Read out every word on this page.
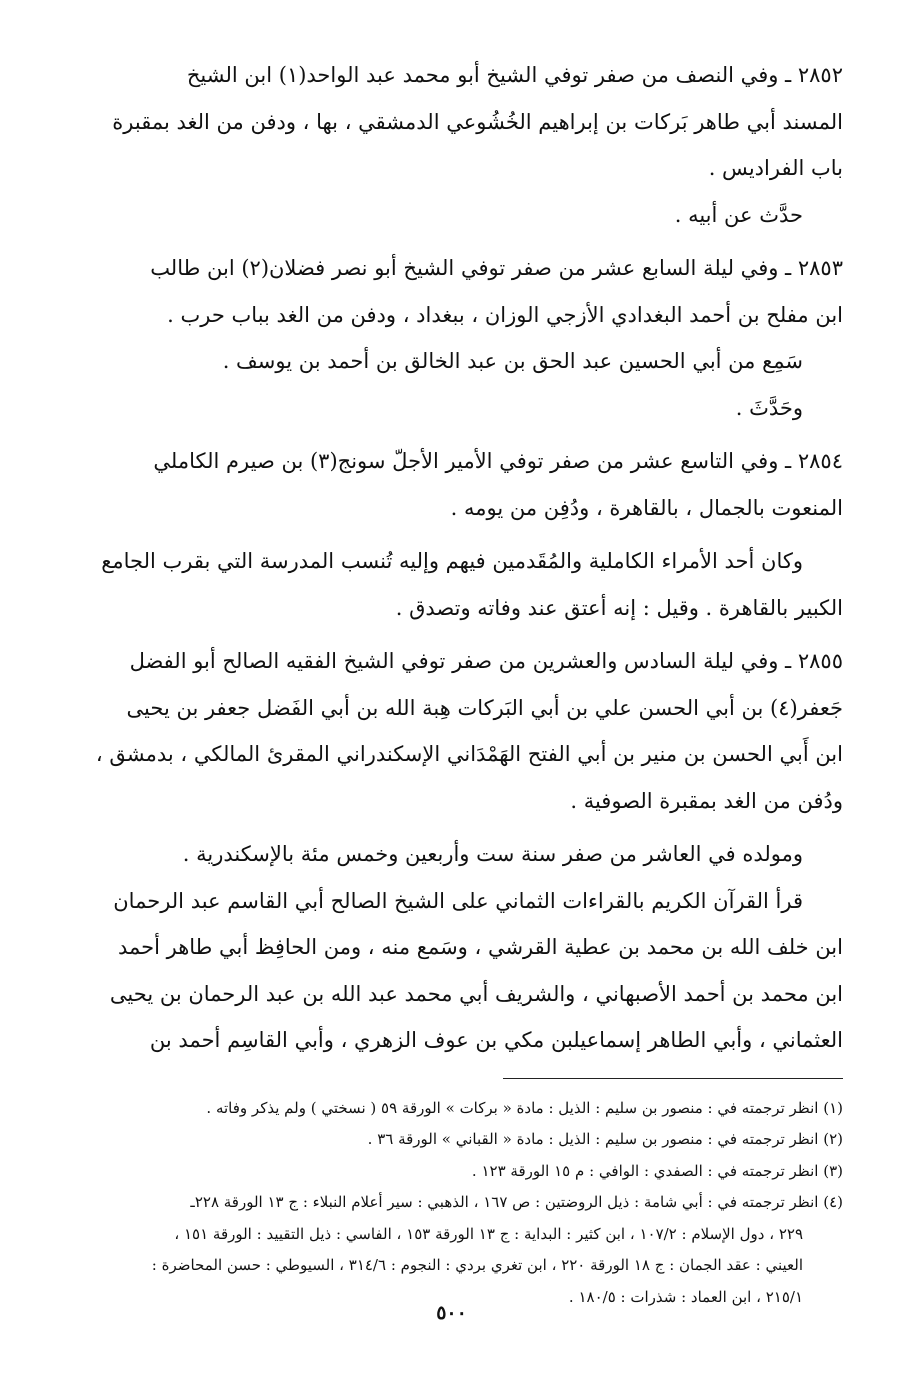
٢٨٥٢ ـ وفي النصف من صفر توفي الشيخ أبو محمد عبد الواحد(١) ابن الشيخ
المسند أبي طاهر بَركات بن إبراهيم الخُشُوعي الدمشقي ، بها ، ودفن من الغد بمقبرة
باب الفراديس .
حدَّث عن أبيه .
٢٨٥٣ ـ وفي ليلة السابع عشر من صفر توفي الشيخ أبو نصر فضلان(٢) ابن طالب
ابن مفلح بن أحمد البغدادي الأزجي الوزان ، ببغداد ، ودفن من الغد بباب حرب .
سَمِع من أبي الحسين عبد الحق بن عبد الخالق بن أحمد بن يوسف .
وحَدَّثَ .
٢٨٥٤ ـ وفي التاسع عشر من صفر توفي الأمير الأجلّ سونج(٣) بن صيرم الكاملي
المنعوت بالجمال ، بالقاهرة ، ودُفِن من يومه .
وكان أحد الأمراء الكاملية والمُقَدمين فيهم وإليه تُنسب المدرسة التي بقرب الجامع
الكبير بالقاهرة . وقيل : إنه أعتق عند وفاته وتصدق .
٢٨٥٥ ـ وفي ليلة السادس والعشرين من صفر توفي الشيخ الفقيه الصالح أبو الفضل
جَعفر(٤) بن أبي الحسن علي بن أبي البَركات هِبة الله بن أبي الفَضل جعفر بن يحيى
ابن أَبي الحسن بن منير بن أبي الفتح الهَمْدَاني الإسكندراني المقرئ المالكي ، بدمشق ،
ودُفن من الغد بمقبرة الصوفية .
ومولده في العاشر من صفر سنة ست وأربعين وخمس مئة بالإسكندرية .
قرأ القرآن الكريم بالقراءات الثماني على الشيخ الصالح أبي القاسم عبد الرحمان
ابن خلف الله بن محمد بن عطية القرشي ، وسَمع منه ، ومن الحافِظ أبي طاهر أحمد
ابن محمد بن أحمد الأصبهاني ، والشريف أبي محمد عبد الله بن عبد الرحمان بن يحيى
العثماني ، وأبي الطاهر إسماعيلبن مكي بن عوف الزهري ، وأبي القاسِم أحمد بن
(١) انظر ترجمته في : منصور بن سليم : الذيل : مادة « بركات » الورقة ٥٩ ( نسختي ) ولم يذكر وفاته .
(٢) انظر ترجمته في : منصور بن سليم : الذيل : مادة « القباني » الورقة ٣٦ .
(٣) انظر ترجمته في : الصفدي : الوافي : م ١٥ الورقة ١٢٣ .
(٤) انظر ترجمته في : أبي شامة : ذيل الروضتين : ص ١٦٧ ، الذهبي : سير أعلام النبلاء : ج ١٣ الورقة ٢٢٨ـ
٢٢٩ ، دول الإسلام : ١٠٧/٢ ، ابن كثير : البداية : ج ١٣ الورقة ١٥٣ ، الفاسي : ذيل التقييد : الورقة ١٥١ ،
العيني : عقد الجمان : ج ١٨ الورقة ٢٢٠ ، ابن تغري بردي : النجوم : ٣١٤/٦ ، السيوطي : حسن المحاضرة :
٢١٥/١ ، ابن العماد : شذرات : ١٨٠/٥ .
٥٠٠
